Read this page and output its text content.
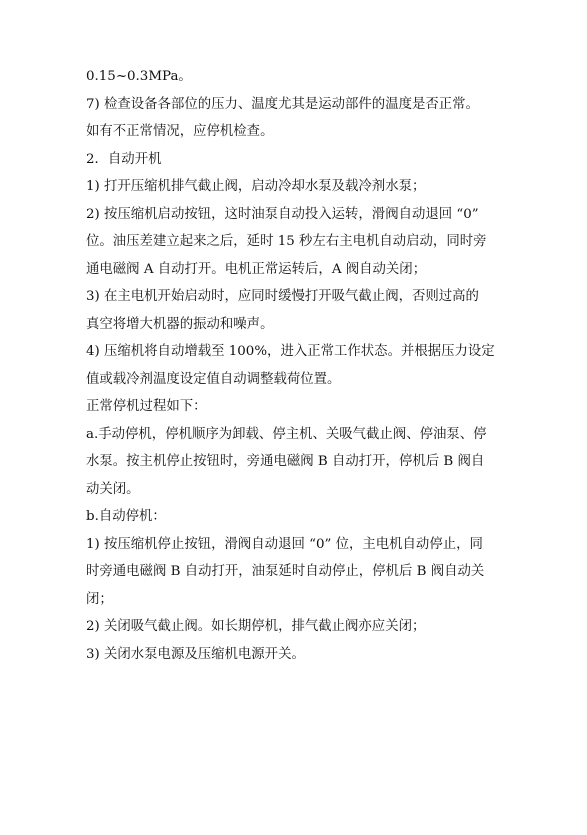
0.15~0.3MPa。

7) 检查设备各部位的压力、温度尤其是运动部件的温度是否正常。

如有不正常情况，应停机检查。

2．自动开机

1) 打开压缩机排气截止阀，启动冷却水泵及载冷剂水泵；

2) 按压缩机启动按钮，这时油泵自动投入运转，滑阀自动退回 “0”

位。油压差建立起来之后，延时 15 秒左右主电机自动启动，同时旁

通电磁阀 A 自动打开。电机正常运转后，A 阀自动关闭；

3) 在主电机开始启动时，应同时缓慢打开吸气截止阀，否则过高的

真空将增大机器的振动和噪声。

4) 压缩机将自动增载至 100%，进入正常工作状态。并根据压力设定

值或载冷剂温度设定值自动调整载荷位置。

正常停机过程如下：

a.手动停机，停机顺序为卸载、停主机、关吸气截止阀、停油泵、停

水泵。按主机停止按钮时，旁通电磁阀 B 自动打开，停机后 B 阀自

动关闭。

b.自动停机：

1) 按压缩机停止按钮，滑阀自动退回 “0” 位，主电机自动停止，同

时旁通电磁阀 B 自动打开，油泵延时自动停止，停机后 B 阀自动关

闭；

2) 关闭吸气截止阀。如长期停机，排气截止阀亦应关闭；

3) 关闭水泵电源及压缩机电源开关。
